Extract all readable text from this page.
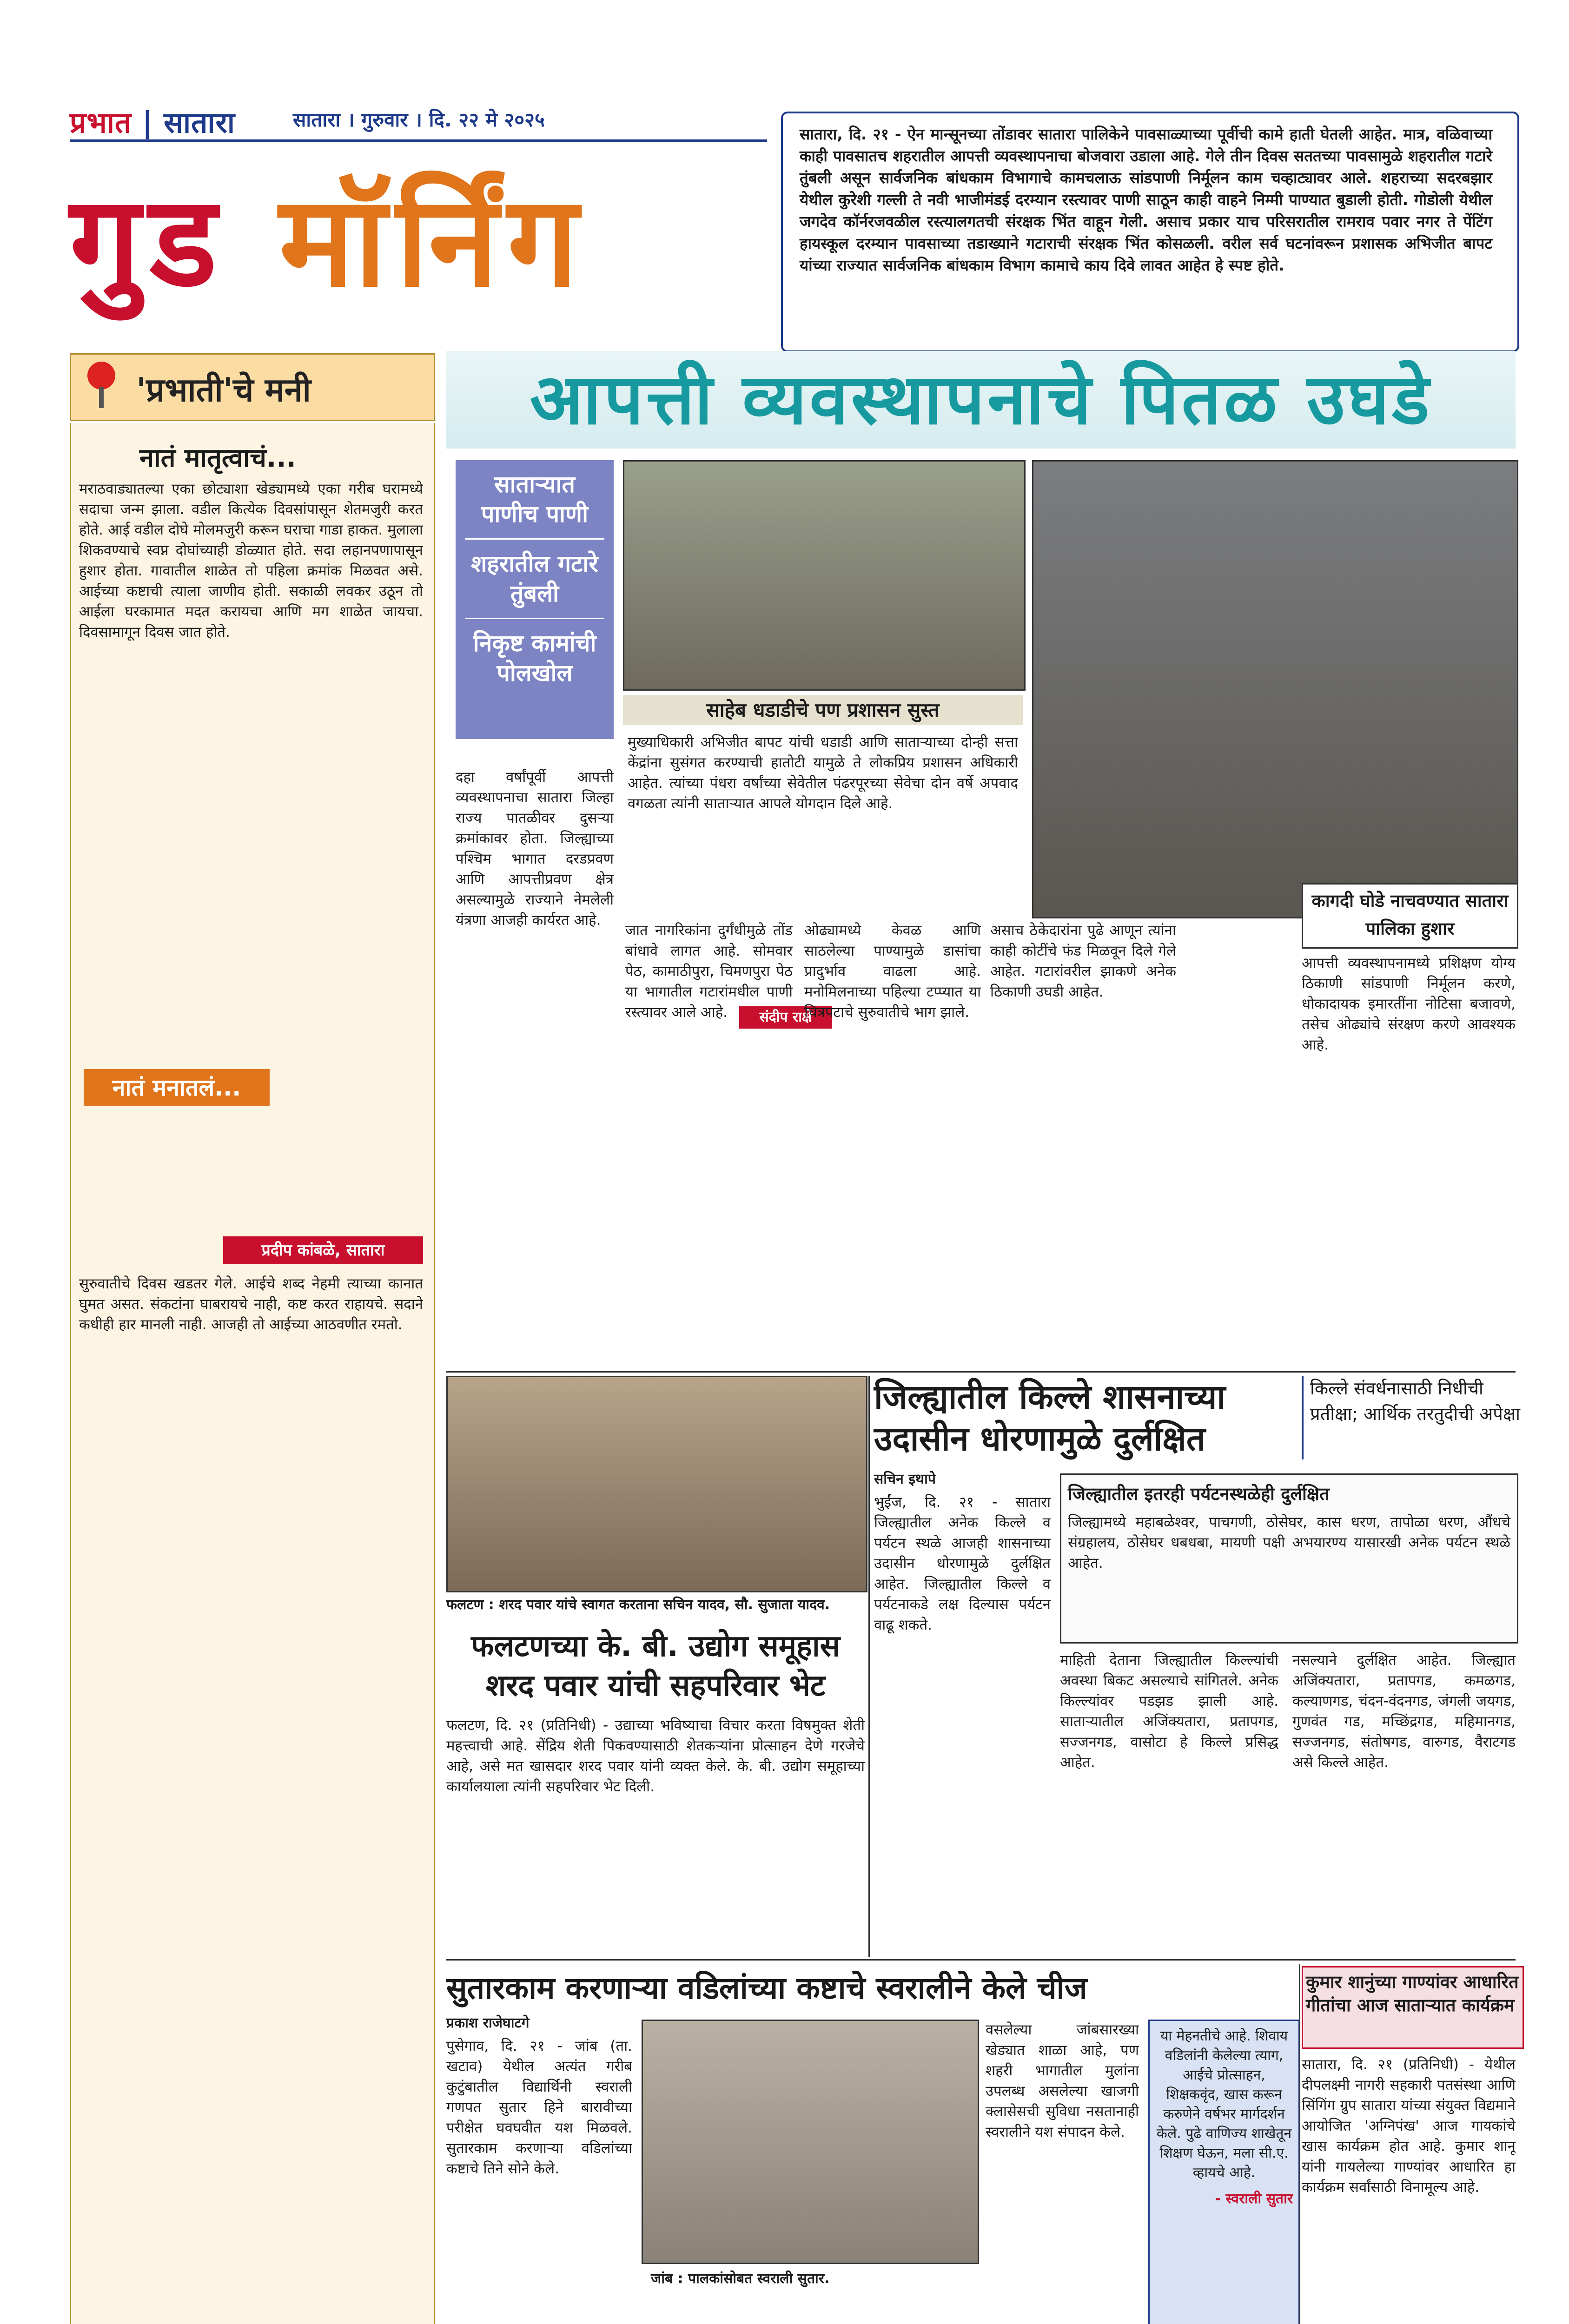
प्रभात | सातारा	सातारा । गुरुवार । दि. २२ मे २०२५
गुड मॉर्निंग
सातारा, दि. २१ - ऐन मान्सूनच्या तोंडावर सातारा पालिकेने पावसाळ्याच्या पूर्वीची कामे हाती घेतली आहेत. मात्र, वळिवाच्या काही पावसातच शहरातील आपत्ती व्यवस्थापनाचा बोजवारा उडाला आहे. गेले तीन दिवस सततच्या पावसामुळे शहरातील गटारे तुंबली असून सार्वजनिक बांधकाम विभागाचे कामचलाऊ सांडपाणी निर्मूलन काम चव्हाट्यावर आले. शहराच्या सदरबझार येथील कुरेशी गल्ली ते नवी भाजीमंडई दरम्यान रस्त्यावर पाणी साठून काही वाहने निम्मी पाण्यात बुडाली होती. गोडोली येथील जगदेव कॉर्नरजवळील रस्त्यालगतची संरक्षक भिंत वाहून गेली. असाच प्रकार याच परिसरातील रामराव पवार नगर ते पेंटिंग हायस्कूल दरम्यान पावसाच्या तडाख्याने गटाराची संरक्षक भिंत कोसळली. वरील सर्व घटनांवरून प्रशासक अभिजीत बापट यांच्या राज्यात सार्वजनिक बांधकाम विभाग कामाचे काय दिवे लावत आहेत हे स्पष्ट होते.
'प्रभाती'चे मनी
नातं मातृत्वाचं...
मराठवाड्यातल्या एका छोट्याशा खेड्यामध्ये एका गरीब घरामध्ये सदाचा जन्म झाला. वडील कित्येक दिवसांपासून शेतमजुरी करत होते. आई वडील दोघे मोलमजुरी करून घराचा गाडा हाकत. मुलाला शिकवण्याचे स्वप्न दोघांच्याही डोळ्यात होते. सदा लहानपणापासून हुशार होता. गावातील शाळेत तो पहिला क्रमांक मिळवत असे. आईच्या कष्टाची त्याला जाणीव होती. सकाळी लवकर उठून तो आईला घरकामात मदत करायचा आणि मग शाळेत जायचा. दिवसामागून दिवस जात होते.
नातं मनातलं...
प्रदीप कांबळे, सातारा
सुरुवातीचे दिवस खडतर गेले. आईचे शब्द नेहमी त्याच्या कानात घुमत असत. संकटांना घाबरायचे नाही, कष्ट करत राहायचे. सदाने कधीही हार मानली नाही. आजही तो आईच्या आठवणीत रमतो.
आपत्ती व्यवस्थापनाचे पितळ उघडे
सातार्‍यात पाणीच पाणी
शहरातील गटारे तुंबली
निकृष्ट कामांची पोलखोल
साहेब धडाडीचे पण प्रशासन सुस्त
मुख्याधिकारी अभिजीत बापट यांची धडाडी आणि सातार्‍याच्या दोन्ही सत्ता केंद्रांना सुसंगत करण्याची हातोटी यामुळे ते लोकप्रिय प्रशासन अधिकारी आहेत. त्यांच्या पंधरा वर्षांच्या सेवेतील पंढरपूरच्या सेवेचा दोन वर्षे अपवाद वगळता त्यांनी सातार्‍यात आपले योगदान दिले आहे.
दहा वर्षांपूर्वी आपत्ती व्यवस्थापनाचा सातारा जिल्हा राज्य पातळीवर दुसर्‍या क्रमांकावर होता. जिल्ह्याच्या पश्चिम भागात दरडप्रवण आणि आपत्तीप्रवण क्षेत्र असल्यामुळे राज्याने नेमलेली यंत्रणा आजही कार्यरत आहे.
जात नागरिकांना दुर्गंधीमुळे तोंड बांधावे लागत आहे. सोमवार पेठ, कामाठीपुरा, चिमणपुरा पेठ या भागातील गटारांमधील पाणी रस्त्यावर आले आहे.	संदीप राक्षे
ओढ्यामध्ये केवळ आणि साठलेल्या पाण्यामुळे डासांचा प्रादुर्भाव वाढला आहे. मनोमिलनाच्या पहिल्या टप्प्यात या चित्रपटाचे सुरुवातीचे भाग झाले.
असाच ठेकेदारांना पुढे आणून त्यांना काही कोटींचे फंड मिळवून दिले गेले आहेत. गटारांवरील झाकणे अनेक ठिकाणी उघडी आहेत.
कागदी घोडे नाचवण्यात सातारा पालिका हुशार
आपत्ती व्यवस्थापनामध्ये प्रशिक्षण योग्य ठिकाणी सांडपाणी निर्मूलन करणे, धोकादायक इमारतींना नोटिसा बजावणे, तसेच ओढ्यांचे संरक्षण करणे आवश्यक आहे.
फलटण : शरद पवार यांचे स्वागत करताना सचिन यादव, सौ. सुजाता यादव.
फलटणच्या के. बी. उद्योग समूहास
शरद पवार यांची सहपरिवार भेट
फलटण, दि. २१ (प्रतिनिधी) - उद्याच्या भविष्याचा विचार करता विषमुक्त शेती महत्त्वाची आहे. सेंद्रिय शेती पिकवण्यासाठी शेतकर्‍यांना प्रोत्साहन देणे गरजेचे आहे, असे मत खासदार शरद पवार यांनी व्यक्त केले. के. बी. उद्योग समूहाच्या कार्यालयाला त्यांनी सहपरिवार भेट दिली.
जिल्ह्यातील किल्ले शासनाच्या
उदासीन धोरणामुळे दुर्लक्षित
किल्ले संवर्धनासाठी निधीची प्रतीक्षा; आर्थिक तरतुदीची अपेक्षा
सचिन इथापे
भुईंज, दि. २१ - सातारा जिल्ह्यातील अनेक किल्ले व पर्यटन स्थळे आजही शासनाच्या उदासीन धोरणामुळे दुर्लक्षित आहेत. जिल्ह्यातील किल्ले व पर्यटनाकडे लक्ष दिल्यास पर्यटन वाढू शकते.
जिल्ह्यातील इतरही पर्यटनस्थळेही दुर्लक्षित
जिल्ह्यामध्ये महाबळेश्वर, पाचगणी, ठोसेघर, कास धरण, तापोळा धरण, औंधचे संग्रहालय, ठोसेघर धबधबा, मायणी पक्षी अभयारण्य यासारखी अनेक पर्यटन स्थळे आहेत.
माहिती देताना जिल्ह्यातील किल्ल्यांची अवस्था बिकट असल्याचे सांगितले. अनेक किल्ल्यांवर पडझड झाली आहे. साताऱ्यातील अजिंक्यतारा, प्रतापगड, सज्जनगड, वासोटा हे किल्ले प्रसिद्ध आहेत.
नसल्याने दुर्लक्षित आहेत. जिल्ह्यात अजिंक्यतारा, प्रतापगड, कमळगड, कल्याणगड, चंदन-वंदनगड, जंगली जयगड, गुणवंत गड, मच्छिंद्रगड, महिमानगड, सज्जनगड, संतोषगड, वारुगड, वैराटगड असे किल्ले आहेत.
सुतारकाम करणाऱ्या वडिलांच्या कष्टाचे स्वरालीने केले चीज
प्रकाश राजेघाटगे
पुसेगाव, दि. २१ - जांब (ता. खटाव) येथील अत्यंत गरीब कुटुंबातील विद्यार्थिनी स्वराली गणपत सुतार हिने बारावीच्या परीक्षेत घवघवीत यश मिळवले. सुतारकाम करणाऱ्या वडिलांच्या कष्टाचे तिने सोने केले.
जांब : पालकांसोबत स्वराली सुतार.
वसलेल्या जांबसारख्या खेड्यात शाळा आहे, पण शहरी भागातील मुलांना उपलब्ध असलेल्या खाजगी क्लासेसची सुविधा नसतानाही स्वरालीने यश संपादन केले.
या मेहनतीचे आहे. शिवाय वडिलांनी केलेल्या त्याग, आईचे प्रोत्साहन, शिक्षकवृंद, खास करून करुणेने वर्षभर मार्गदर्शन केले. पुढे वाणिज्य शाखेतून शिक्षण घेऊन, मला सी.ए. व्हायचे आहे.
- स्वराली सुतार
कुमार शानुंच्या गाण्यांवर आधारित गीतांचा आज सातार्‍यात कार्यक्रम
सातारा, दि. २१ (प्रतिनिधी) - येथील दीपलक्ष्मी नागरी सहकारी पतसंस्था आणि सिंगिंग ग्रुप सातारा यांच्या संयुक्त विद्यमाने आयोजित 'अग्निपंख' आज गायकांचे खास कार्यक्रम होत आहे. कुमार शानू यांनी गायलेल्या गाण्यांवर आधारित हा कार्यक्रम सर्वांसाठी विनामूल्य आहे.
